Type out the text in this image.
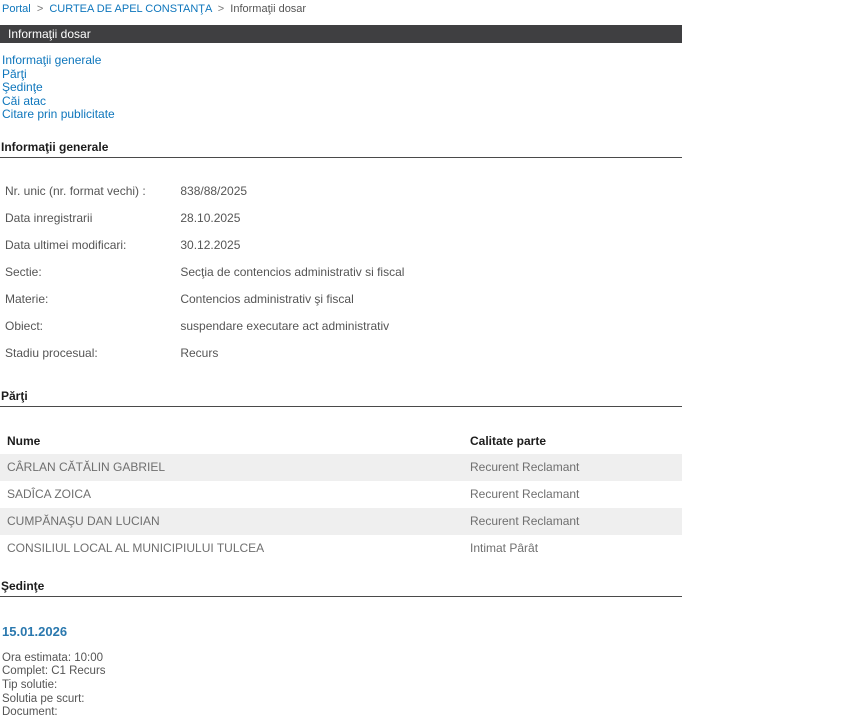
Portal > CURTEA DE APEL CONSTANŢA > Informaţii dosar
Informaţii dosar
Informaţii generale
Părţi
Şedinţe
Căi atac
Citare prin publicitate
Informaţii generale
Nr. unic (nr. format vechi) :	838/88/2025
Data inregistrarii	28.10.2025
Data ultimei modificari:	30.12.2025
Sectie:	Secţia de contencios administrativ si fiscal
Materie:	Contencios administrativ şi fiscal
Obiect:	suspendare executare act administrativ
Stadiu procesual:	Recurs
Părţi
Nume	Calitate parte
CÂRLAN CĂTĂLIN GABRIEL	Recurent Reclamant
SADÎCA ZOICA	Recurent Reclamant
CUMPĂNAŞU DAN LUCIAN	Recurent Reclamant
CONSILIUL LOCAL AL MUNICIPIULUI TULCEA	Intimat Pârât
Şedinţe
15.01.2026
Ora estimata: 10:00
Complet: C1 Recurs
Tip solutie:
Solutia pe scurt:
Document:
